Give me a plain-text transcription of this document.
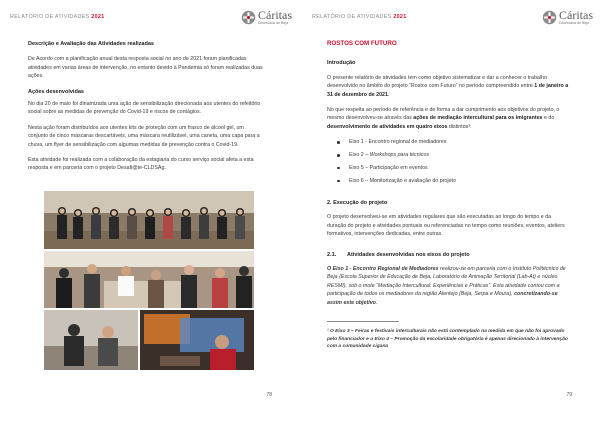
RELATÓRIO DE ATIVIDADES 2021	Cáritas
Diocesana de Beja
Descrição e Avaliação das Atividades realizadas
De Acordo com a planificação anual desta resposta social no ano de 2021 foram planificadas atividades em varias áreas de intervenção, no entanto devido à Pandemia só foram realizadas duas ações.
Ações desenvolvidas
No dia 20 de maio foi dinamizada uma ação de sensibilização direcionada aos utentes do refeitório social sobre as medidas de prevenção do Covid-19 e riscos de contágios.
Nesta ação foram distribuídos aos utentes kits de proteção com um frasco de álcool gel, um conjunto de cinco máscaras descartáveis, uma máscara reutilizável, uma caneta, uma capa para a chuva, um flyer de sensibilização com algumas medidas de prevenção contra o Covid-19.
Esta atividade foi realizada com a colaboração da estagiaria do curso serviço social afeta a esta resposta e em parceria com o projeto Desafi@te-CLDSAg.
78
RELATÓRIO DE ATIVIDADES 2021	Cáritas
Diocesana de Beja
ROSTOS COM FUTURO
Introdução
O presente relatório de atividades tem como objetivo sistematizar e dar a conhecer o trabalho desenvolvido no âmbito do projeto “Rostos com Futuro” no período compreendido entre 1 de janeiro a 31 de dezembro de 2021.
No que respeita ao período de referência e de forma a dar cumprimento aos objetivos do projeto, o mesmo desenvolveu-se através das ações de mediação intercultural para os imigrantes e do desenvolvimento de atividades em quatro eixos distintos¹:
Eixo 1 - Encontro regional de mediadores
Eixo 2 – Workshops para técnicos
Eixo 5 – Participação em eventos
Eixo 6 – Monitorização e avaliação do projeto
2. Execução do projeto
O projeto desenvolveu-se em atividades regulares que são executadas ao longo do tempo e da duração do projeto e atividades pontuais ou referenciadas no tempo como reuniões, eventos, ateliers formativos, intervenções dedicadas, entre outras.
2.1.	Atividades desenvolvidas nos eixos do projeto
O Eixo 1 - Encontro Regional de Mediadores realizou-se em parceria com o Instituto Politécnico de Beja (Escola Superior de Educação de Beja, Laboratório de Animação Territorial (Lab-At) e núcleo RESMI), sob o mote “Mediação Intercultural: Experiências e Práticas”. Esta atividade contou com a participação de todos os mediadores da região Alentejo (Beja, Serpa e Moura), concretizando-se assim este objetivo.
¹ O Eixo 3 – Feiras e festivais interculturais não está contemplado na medida em que não foi aprovado pelo financiador e o Eixo 4 – Promoção da escolaridade obrigatória é apenas direcionado à intervenção com a comunidade cigana
79
